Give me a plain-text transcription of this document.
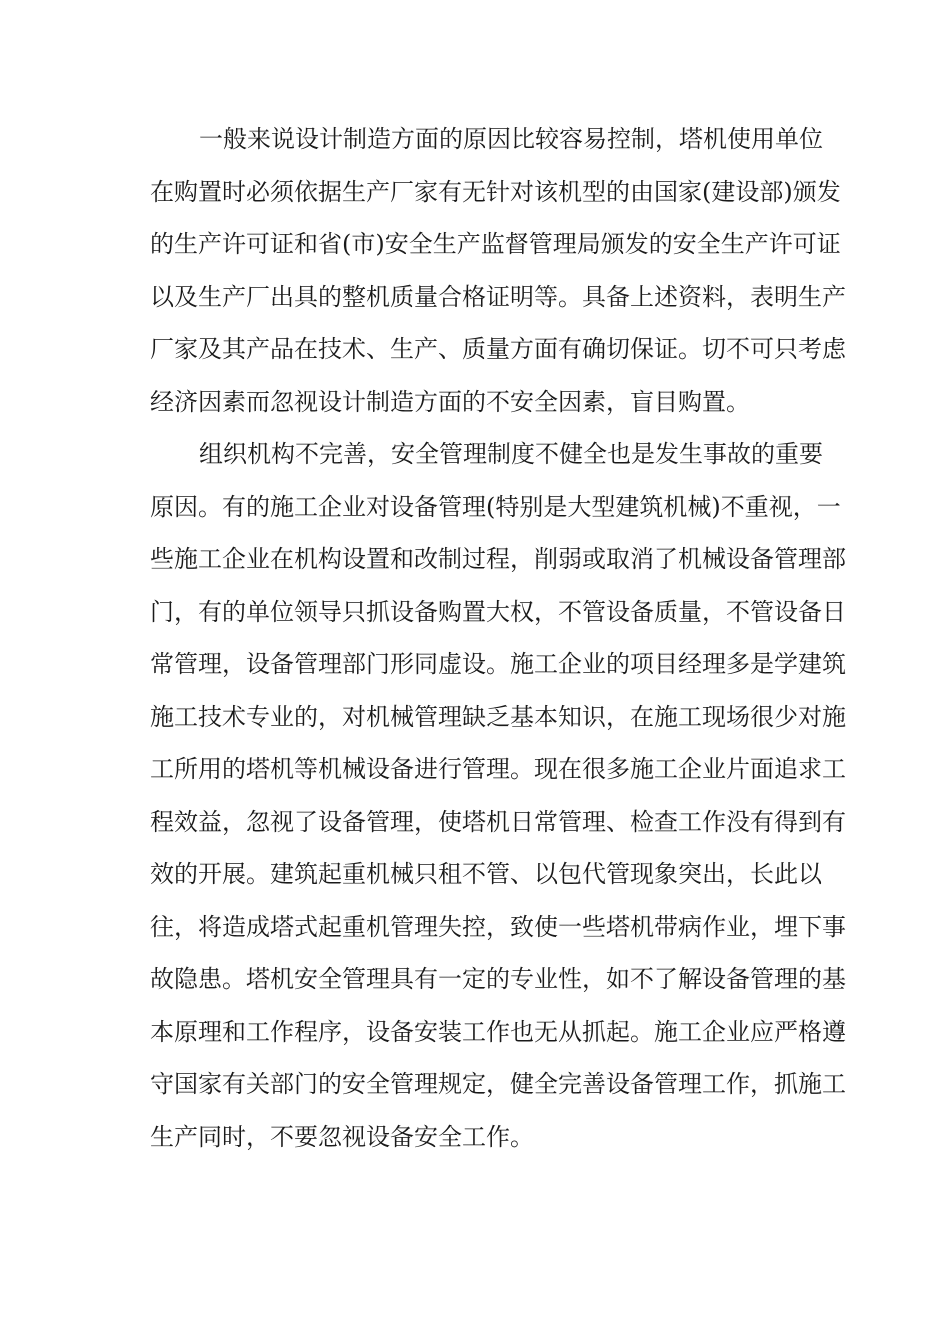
一般来说设计制造方面的原因比较容易控制，塔机使用单位
在购置时必须依据生产厂家有无针对该机型的由国家(建设部)颁发
的生产许可证和省(市)安全生产监督管理局颁发的安全生产许可证
以及生产厂出具的整机质量合格证明等。具备上述资料，表明生产
厂家及其产品在技术、生产、质量方面有确切保证。切不可只考虑
经济因素而忽视设计制造方面的不安全因素，盲目购置。
组织机构不完善，安全管理制度不健全也是发生事故的重要
原因。有的施工企业对设备管理(特别是大型建筑机械)不重视，一
些施工企业在机构设置和改制过程，削弱或取消了机械设备管理部
门，有的单位领导只抓设备购置大权，不管设备质量，不管设备日
常管理，设备管理部门形同虚设。施工企业的项目经理多是学建筑
施工技术专业的，对机械管理缺乏基本知识，在施工现场很少对施
工所用的塔机等机械设备进行管理。现在很多施工企业片面追求工
程效益，忽视了设备管理，使塔机日常管理、检查工作没有得到有
效的开展。建筑起重机械只租不管、以包代管现象突出，长此以
往，将造成塔式起重机管理失控，致使一些塔机带病作业，埋下事
故隐患。塔机安全管理具有一定的专业性，如不了解设备管理的基
本原理和工作程序，设备安装工作也无从抓起。施工企业应严格遵
守国家有关部门的安全管理规定，健全完善设备管理工作，抓施工
生产同时，不要忽视设备安全工作。
